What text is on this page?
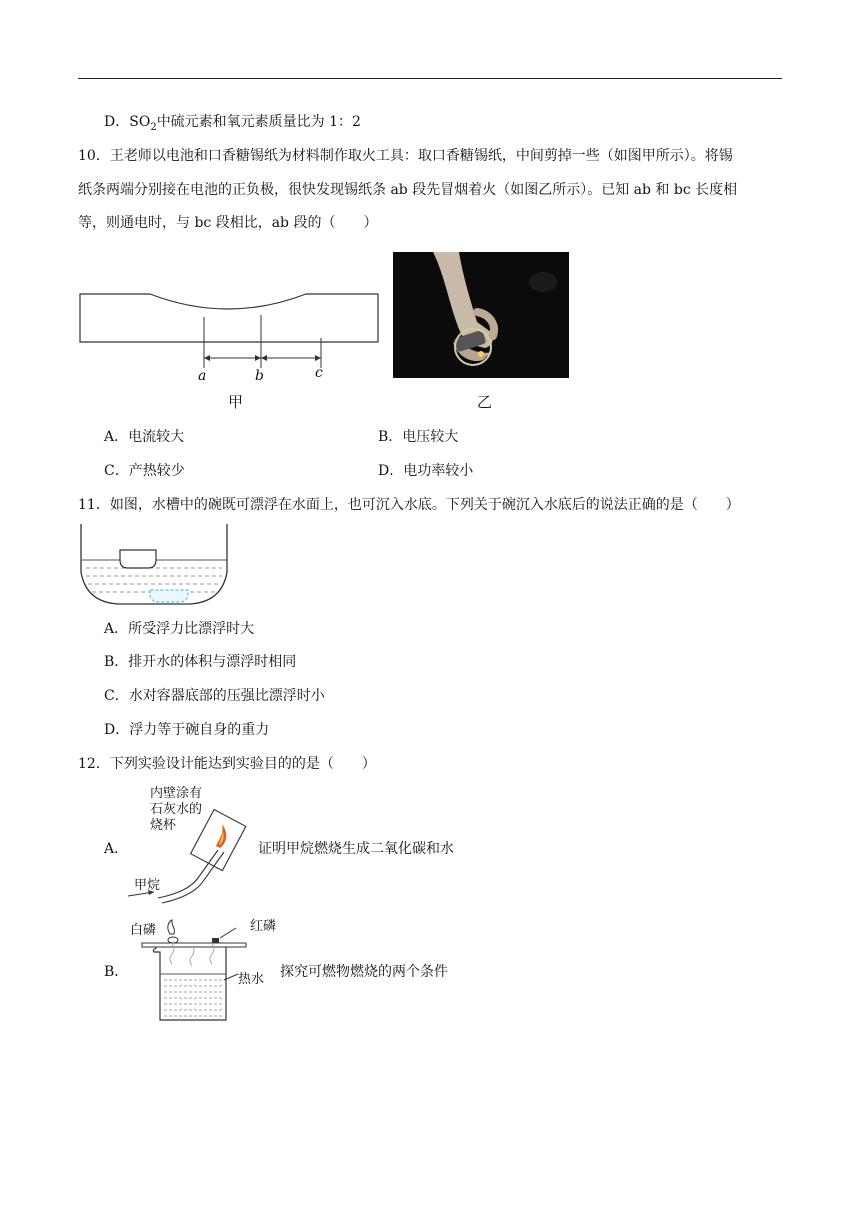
D．$SO_2$中硫元素和氧元素质量比为 1：2
10．王老师以电池和口香糖锡纸为材料制作取火工具：取口香糖锡纸，中间剪掉一些（如图甲所示）。将锡
纸条两端分别接在电池的正负极，很快发现锡纸条 ab 段先冒烟着火（如图乙所示）。已知 ab 和 bc 长度相
等，则通电时，与 bc 段相比，ab 段的（　　）
a	b	c
甲	乙
A．电流较大	B．电压较大
C．产热较少	D．电功率较小
11．如图，水槽中的碗既可漂浮在水面上，也可沉入水底。下列关于碗沉入水底后的说法正确的是（　　）
A．所受浮力比漂浮时大
B．排开水的体积与漂浮时相同
C．水对容器底部的压强比漂浮时小
D．浮力等于碗自身的重力
12．下列实验设计能达到实验目的的是（　　）
A．
内壁涂有
石灰水的
烧杯
甲烷
证明甲烷燃烧生成二氧化碳和水
B．
白磷	红磷
热水 探究可燃物燃烧的两个条件
